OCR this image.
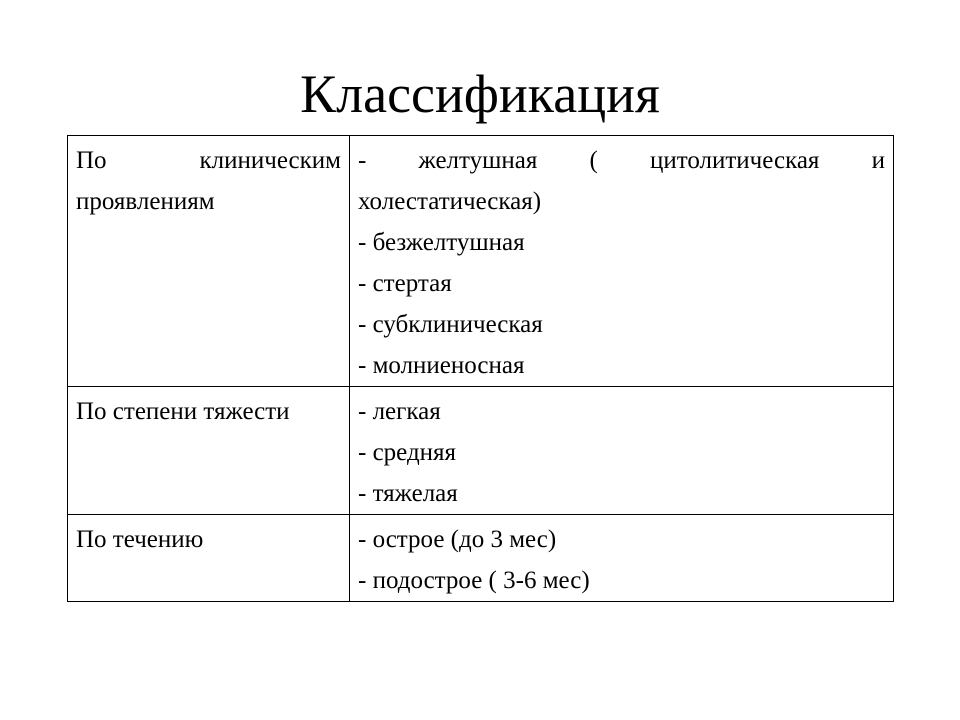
Классификация
По клиническим проявлениям	- желтушная ( цитолитическая и холестатическая)
- безжелтушная
- стертая
- субклиническая
- молниеносная

По степени тяжести	- легкая
- средняя
- тяжелая

По течению	- острое (до 3 мес)
- подострое ( 3-6 мес)
